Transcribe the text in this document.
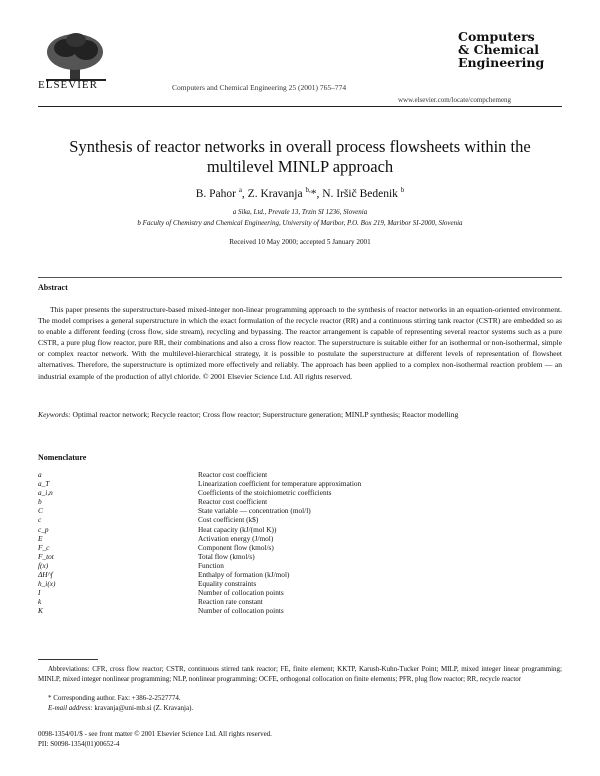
ELSEVIER	Computers and Chemical Engineering 25 (2001) 765–774
Computers
& Chemical
Engineering
www.elsevier.com/locate/compchemeng
Synthesis of reactor networks in overall process flowsheets within the multilevel MINLP approach
B. Pahor $^a$, Z. Kravanja $^{b,}$*, N. Iršič Bedenik $^b$
a Sika, Ltd., Prevale 13, Trzin SI 1236, Slovenia
b Faculty of Chemistry and Chemical Engineering, University of Maribor, P.O. Box 219, Maribor SI-2000, Slovenia
Received 10 May 2000; accepted 5 January 2001
Abstract
This paper presents the superstructure-based mixed-integer non-linear programming approach to the synthesis of reactor networks in an equation-oriented environment. The model comprises a general superstructure in which the exact formulation of the recycle reactor (RR) and a continuous stirring tank reactor (CSTR) are embedded so as to enable a different feeding (cross flow, side stream), recycling and bypassing. The reactor arrangement is capable of representing several reactor systems such as a pure CSTR, a pure plug flow reactor, pure RR, their combinations and also a cross flow reactor. The superstructure is suitable either for an isothermal or non-isothermal, simple or complex reactor network. With the multilevel-hierarchical strategy, it is possible to postulate the superstructure at different levels of representation of flowsheet alternatives. Therefore, the superstructure is optimized more effectively and reliably. The approach has been applied to a complex non-isothermal reaction problem — an industrial example of the production of allyl chloride. © 2001 Elsevier Science Ltd. All rights reserved.
Keywords: Optimal reactor network; Recycle reactor; Cross flow reactor; Superstructure generation; MINLP synthesis; Reactor modelling
Nomenclature
a	Reactor cost coefficient
a_T	Linearization coefficient for temperature approximation
a_i,n	Coefficients of the stoichiometric coefficients
b	Reactor cost coefficient
C	State variable — concentration (mol/l)
c	Cost coefficient (k$)
c_p	Heat capacity (kJ/(mol K))
E	Activation energy (J/mol)
F_c	Component flow (kmol/s)
F_tot	Total flow (kmol/s)
f(x)	Function
ΔH^f	Enthalpy of formation (kJ/mol)
h_i(x)	Equality constraints
I	Number of collocation points
k	Reaction rate constant
K	Number of collocation points
Abbreviations: CFR, cross flow reactor; CSTR, continuous stirred tank reactor; FE, finite element; KKTP, Karush-Kuhn-Tucker Point; MILP, mixed integer linear programming; MINLP, mixed integer nonlinear programming; NLP, nonlinear programming; OCFE, orthogonal collocation on finite elements; PFR, plug flow reactor; RR, recycle reactor
* Corresponding author. Fax: +386-2-2527774.
E-mail address: kravanja@uni-mb.si (Z. Kravanja).
0098-1354/01/$ - see front matter © 2001 Elsevier Science Ltd. All rights reserved.
PII: S0098-1354(01)00652-4
